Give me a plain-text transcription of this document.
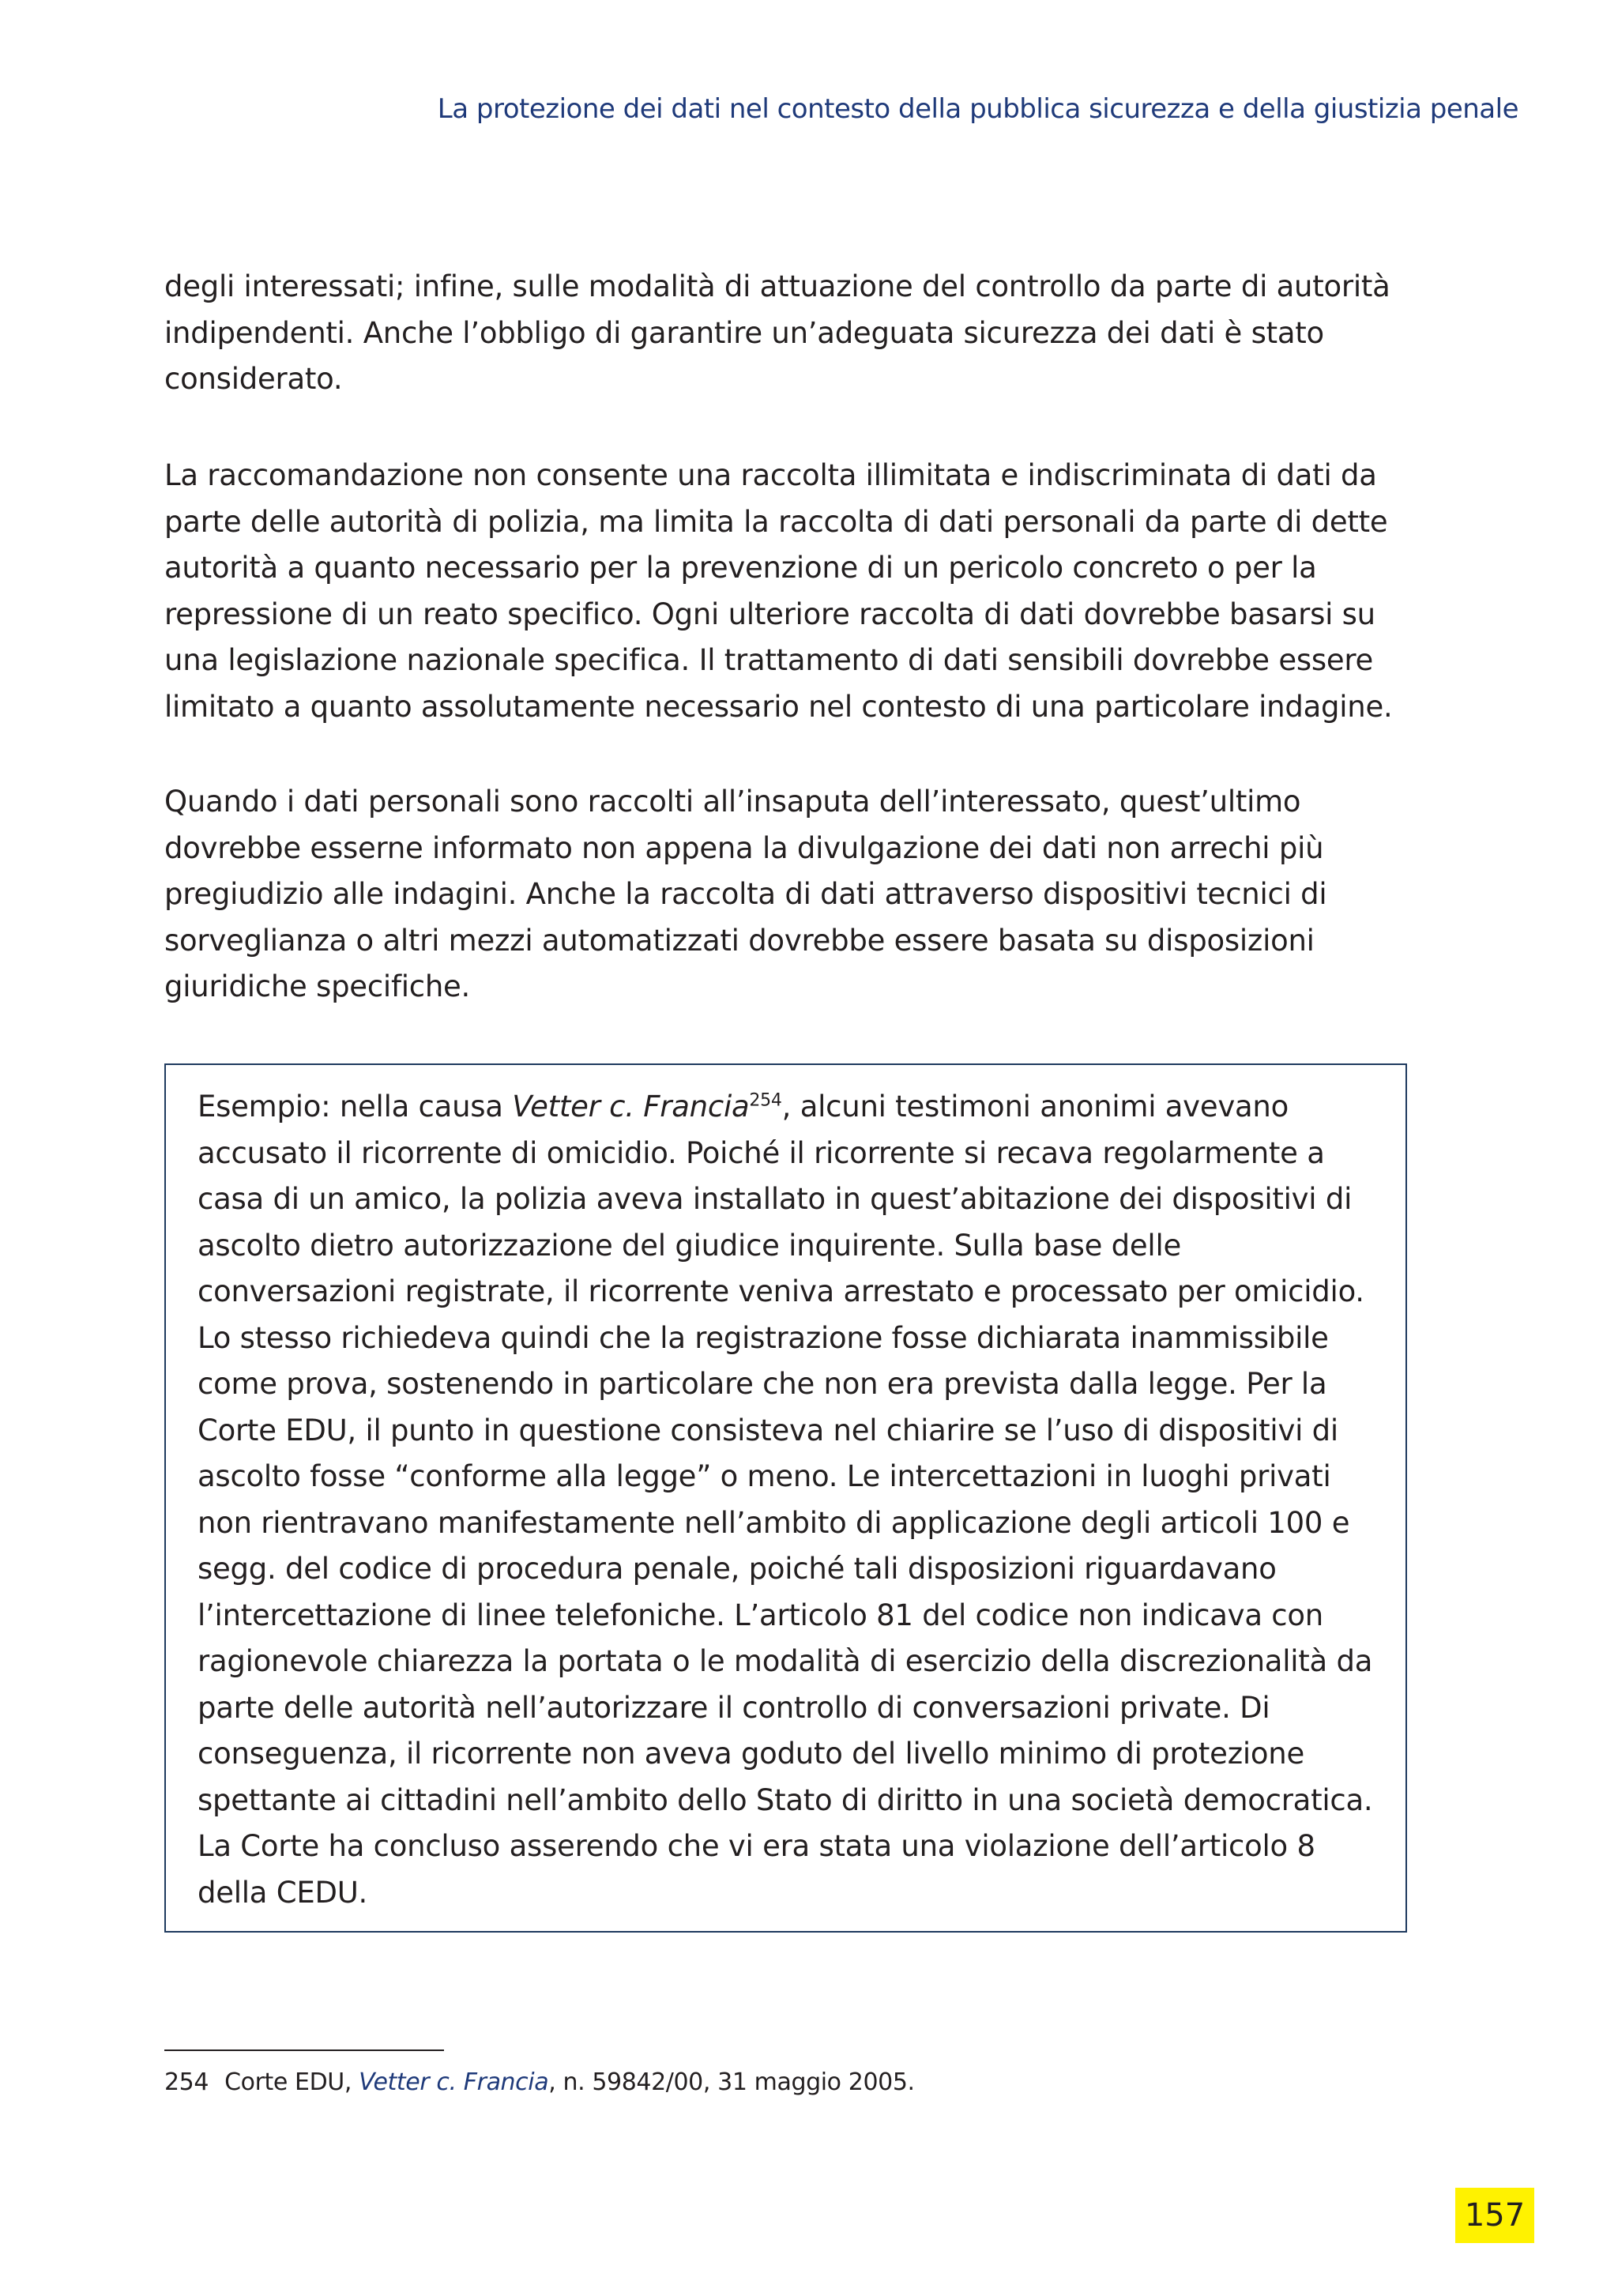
La protezione dei dati nel contesto della pubblica sicurezza e della giustizia penale

degli interessati; infine, sulle modalità di attuazione del controllo da parte di autorità indipendenti. Anche l’obbligo di garantire un’adeguata sicurezza dei dati è stato considerato.

La raccomandazione non consente una raccolta illimitata e indiscriminata di dati da parte delle autorità di polizia, ma limita la raccolta di dati personali da parte di dette autorità a quanto necessario per la prevenzione di un pericolo concreto o per la repressione di un reato specifico. Ogni ulteriore raccolta di dati dovrebbe basarsi su una legislazione nazionale specifica. Il trattamento di dati sensibili dovrebbe essere limitato a quanto assolutamente necessario nel contesto di una particolare indagine.

Quando i dati personali sono raccolti all’insaputa dell’interessato, quest’ultimo dovrebbe esserne informato non appena la divulgazione dei dati non arrechi più pregiudizio alle indagini. Anche la raccolta di dati attraverso dispositivi tecnici di sorveglianza o altri mezzi automatizzati dovrebbe essere basata su disposizioni giuridiche specifiche.

Esempio: nella causa Vetter c. Francia$^{254}$, alcuni testimoni anonimi avevano accusato il ricorrente di omicidio. Poiché il ricorrente si recava regolarmente a casa di un amico, la polizia aveva installato in quest’abitazione dei dispositivi di ascolto dietro autorizzazione del giudice inquirente. Sulla base delle conversazioni registrate, il ricorrente veniva arrestato e processato per omicidio. Lo stesso richiedeva quindi che la registrazione fosse dichiarata inammissibile come prova, sostenendo in particolare che non era prevista dalla legge. Per la Corte EDU, il punto in questione consisteva nel chiarire se l’uso di dispositivi di ascolto fosse “conforme alla legge” o meno. Le intercettazioni in luoghi privati non rientravano manifestamente nell’ambito di applicazione degli articoli 100 e segg. del codice di procedura penale, poiché tali disposizioni riguardavano l’intercettazione di linee telefoniche. L’articolo 81 del codice non indicava con ragionevole chiarezza la portata o le modalità di esercizio della discrezionalità da parte delle autorità nell’autorizzare il controllo di conversazioni private. Di conseguenza, il ricorrente non aveva goduto del livello minimo di protezione spettante ai cittadini nell’ambito dello Stato di diritto in una società democratica. La Corte ha concluso asserendo che vi era stata una violazione dell’articolo 8 della CEDU.
254 Corte EDU, Vetter c. Francia, n. 59842/00, 31 maggio 2005.
157
